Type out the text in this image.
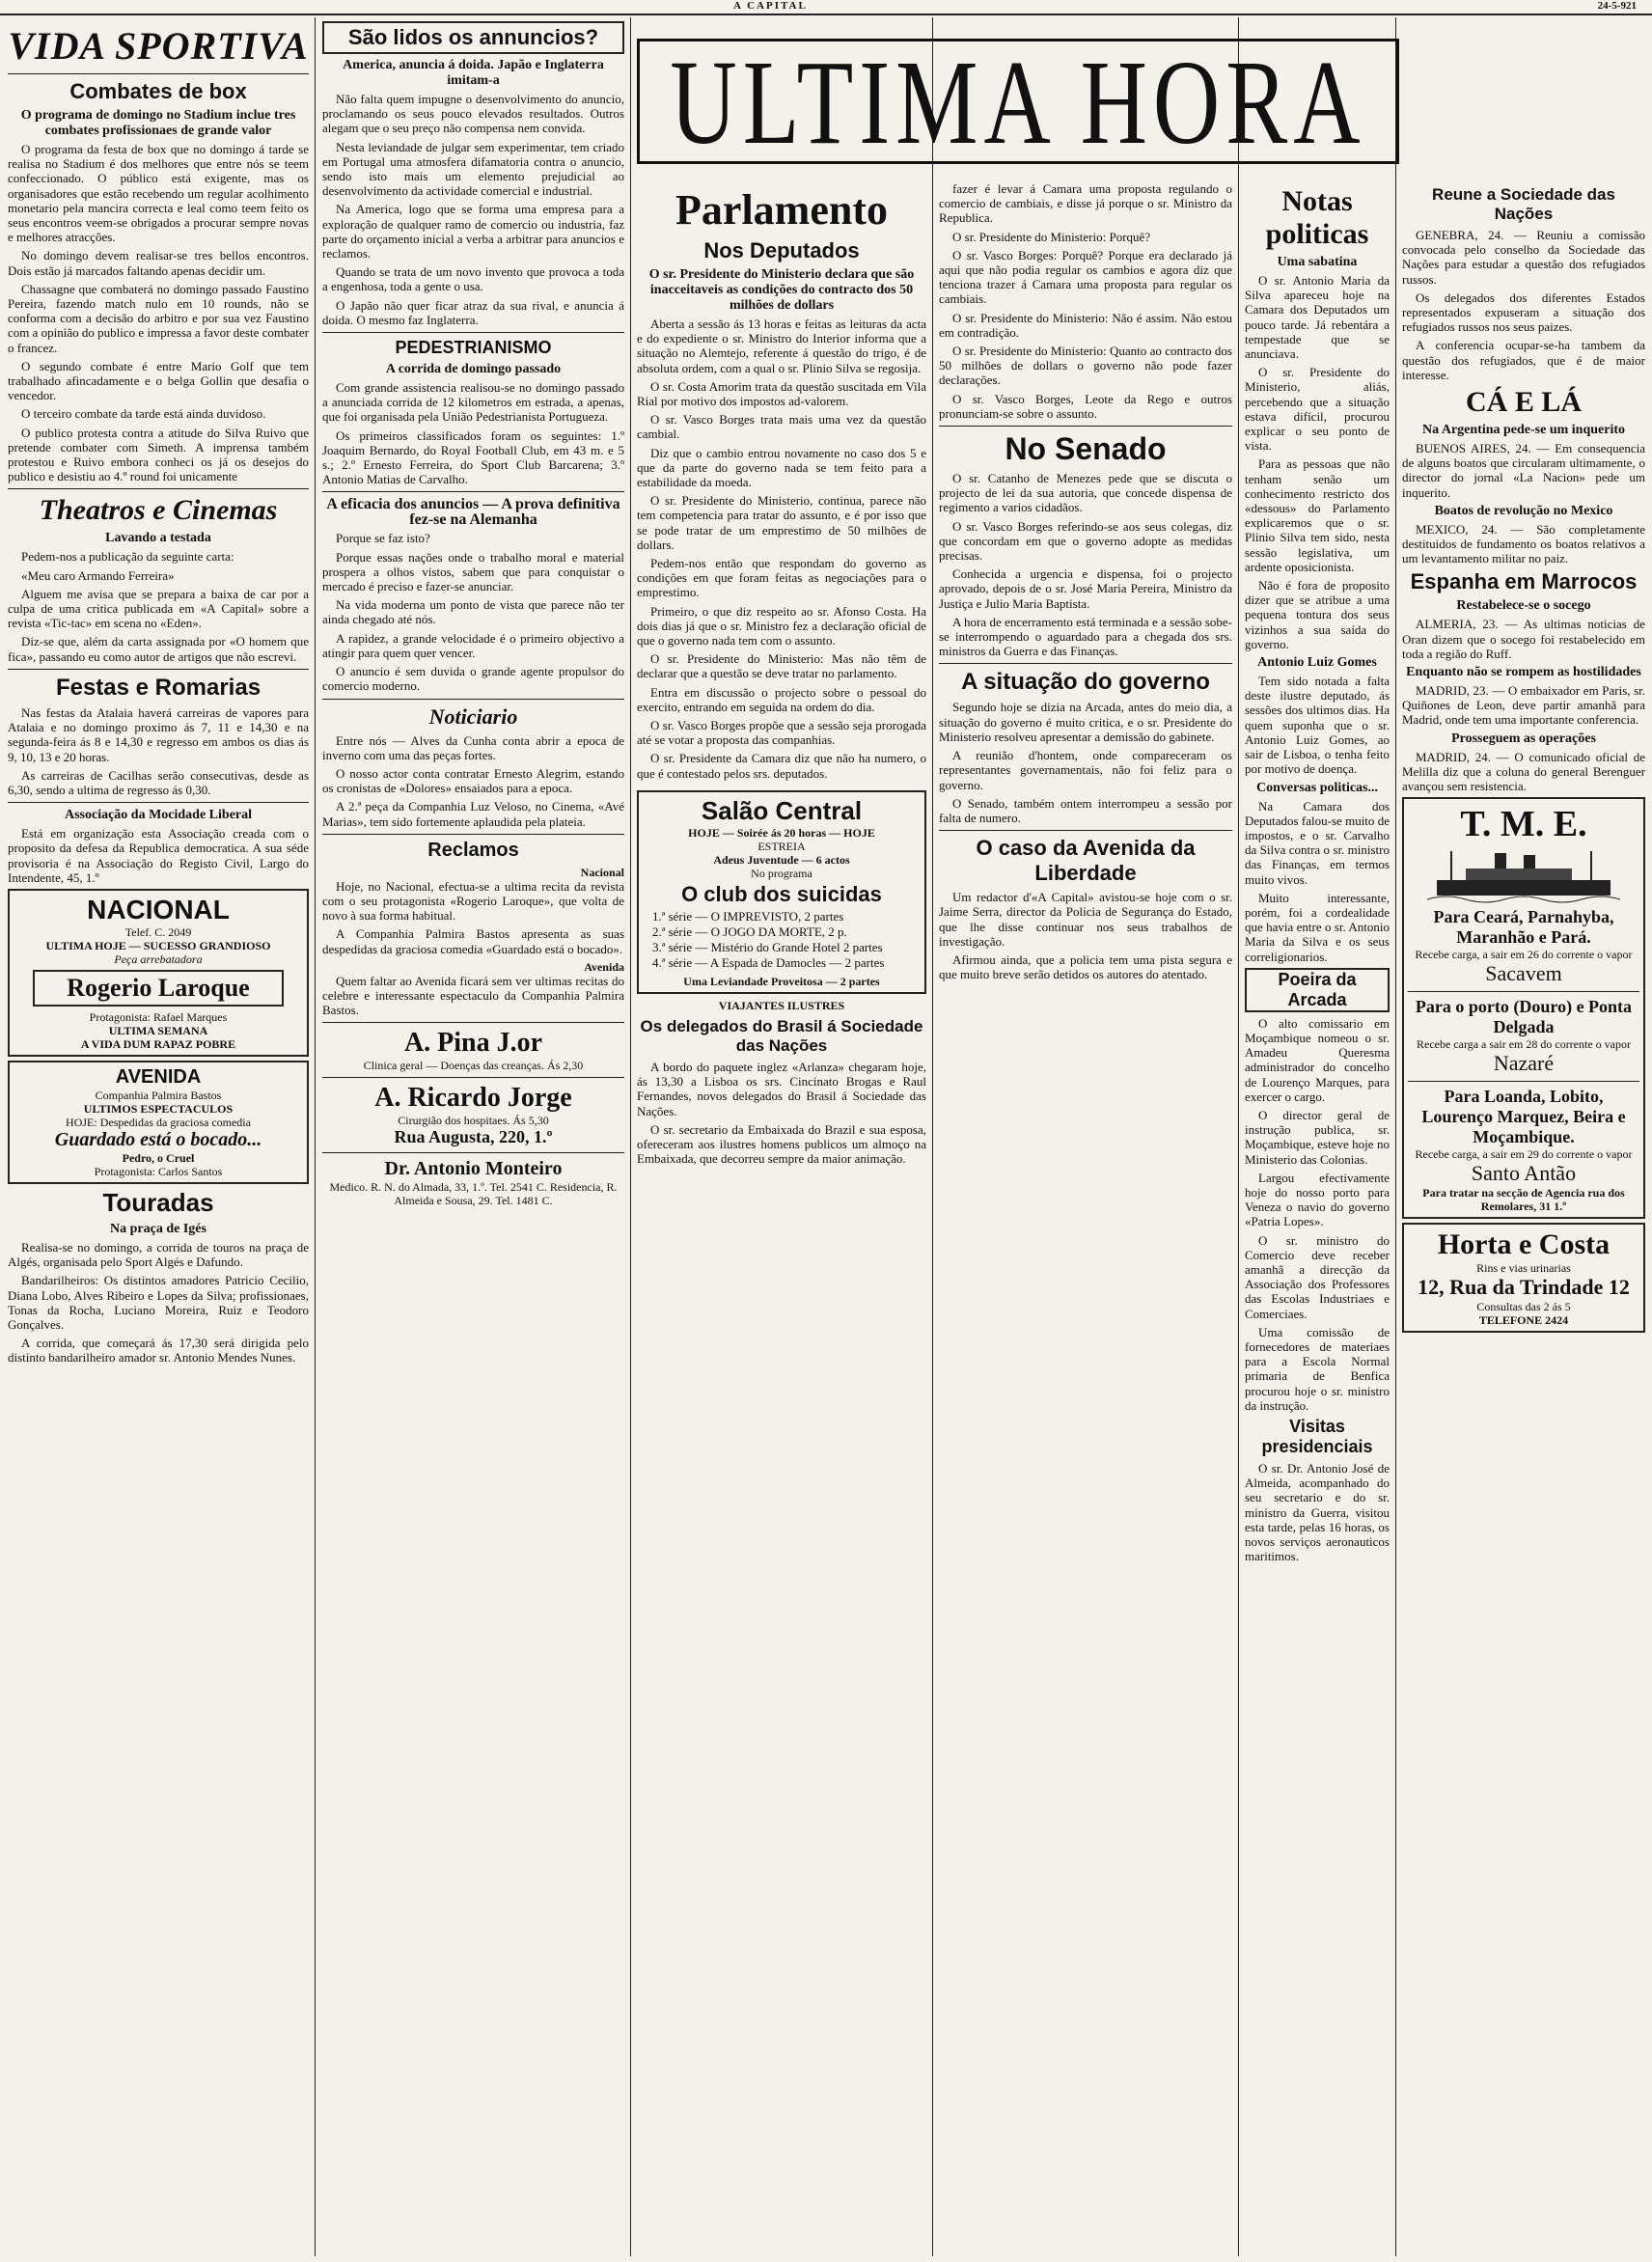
A CAPITAL	24-5-921
VIDA SPORTIVA
Combates de box
O programa de domingo no Stadium inclue tres combates profissionaes de grande valor

O programa da festa de box que no domingo á tarde se realisa no Stadium é dos melhores que entre nós se teem confeccionado. O público está exigente, mas os organisadores que estão recebendo um regular acolhimento monetario pela mancira correcta e leal como teem feito os seus encontros veem-se obrigados a procurar sempre novas e melhores atracções.

No domingo devem realisar-se tres bellos encontros. Dois estão já marcados faltando apenas decidir um.

Chassagne que combaterá no domingo passado Faustino Pereira, fazendo match nulo em 10 rounds, não se conforma com a decisão do arbitro e por sua vez Faustino com a opinião do publico e impressa a favor deste combater o francez.

O segundo combate é entre Mario Golf que tem trabalhado afincadamente e o belga Gollin que desafia o vencedor.

O terceiro combate da tarde está ainda duvidoso.

O publico protesta contra a atitude do Silva Ruivo que pretende combater com Simeth. A imprensa também protestou e Ruivo embora conheci os já os desejos do publico e desistiu ao 4.º round foi unicamente

Theatros e Cinemas
Lavando a testada

Pedem-nos a publicação da seguinte carta:

«Meu caro Armando Ferreira»

Alguem me avisa que se prepara a baixa de car por a culpa de uma critica publicada em «A Capital» sobre a revista «Tic-tac» em scena no «Eden».

Diz-se que, além da carta assignada por «O homem que fica», passando eu como autor de artigos que não escrevi.

Festas e Romarias

Nas festas da Atalaia haverá carreiras de vapores para Atalaia e no domingo proximo ás 7, 11 e 14,30 e na segunda-feira ás 8 e 14,30 e regresso em ambos os dias ás 9, 10, 13 e 20 horas.

As carreiras de Cacilhas serão consecutivas, desde as 6,30, sendo a ultima de regresso ás 0,30.

Associação da Mocidade Liberal

Está em organização esta Associação creada com o proposito da defesa da Republica democratica. A sua séde provisoria é na Associação do Registo Civil, Largo do Intendente, 45, 1.º

NACIONAL
Telef. C. 2049
ULTIMA HOJE — SUCESSO GRANDIOSO
Peça arrebatadora
Rogerio Laroque
Protagonista: Rafael Marques
ULTIMA SEMANA
A VIDA DUM RAPAZ POBRE
AVENIDA
Companhia Palmira Bastos
ULTIMOS ESPECTACULOS
HOJE: Despedidas da graciosa comedia
Guardado está o bocado...
Pedro, o Cruel
Protagonista: Carlos Santos
Touradas
Na praça de Igés

Realisa-se no domingo, a corrida de touros na praça de Algés, organisada pelo Sport Algés e Dafundo.

Bandarilheiros: Os distintos amadores Patricio Cecilio, Diana Lobo, Alves Ribeiro e Lopes da Silva; profissionaes, Tonas da Rocha, Luciano Moreira, Ruiz e Teodoro Gonçalves.

A corrida, que começará ás 17,30 será dirigida pelo distinto bandarilheiro amador sr. Antonio Mendes Nunes.

São lidos os annuncios?
America, anuncia á doida. Japão e Inglaterra imitam-a

Não falta quem impugne o desenvolvimento do anuncio, proclamando os seus pouco elevados resultados. Outros alegam que o seu preço não compensa nem convida.

Nesta leviandade de julgar sem experimentar, tem criado em Portugal uma atmosfera difamatoria contra o anuncio, sendo isto mais um elemento prejudicial ao desenvolvimento da actividade comercial e industrial.

Na America, logo que se forma uma empresa para a exploração de qualquer ramo de comercio ou industria, faz parte do orçamento inicial a verba a arbitrar para anuncios e reclamos.

Quando se trata de um novo invento que provoca a toda a engenhosa, toda a gente o usa.

O Japão não quer ficar atraz da sua rival, e anuncia á doida. O mesmo faz Inglaterra.

PEDESTRIANISMO
A corrida de domingo passado

Com grande assistencia realisou-se no domingo passado a anunciada corrida de 12 kilometros em estrada, a apenas, que foi organisada pela União Pedestrianista Portugueza.

Os primeiros classificados foram os seguintes: 1.º Joaquim Bernardo, do Royal Football Club, em 43 m. e 5 s.; 2.º Ernesto Ferreira, do Sport Club Barcarena; 3.º Antonio Matias de Carvalho.

A eficacia dos anuncios — A prova definitiva fez-se na Alemanha

Porque se faz isto?

Porque essas nações onde o trabalho moral e material prospera a olhos vistos, sabem que para conquistar o mercado é preciso e fazer-se anunciar.

Na vida moderna um ponto de vista que parece não ter ainda chegado até nós.

A rapidez, a grande velocidade é o primeiro objectivo a atingir para quem quer vencer.

O anuncio é sem duvida o grande agente propulsor do comercio moderno.

Noticiario

Entre nós — Alves da Cunha conta abrir a epoca de inverno com uma das peças fortes.

O nosso actor conta contratar Ernesto Alegrim, estando os cronistas de «Dolores» ensaiados para a epoca.

A 2.ª peça da Companhia Luz Veloso, no Cinema, «Avé Marias», tem sido fortemente aplaudida pela plateia.

Reclamos
Nacional

Hoje, no Nacional, efectua-se a ultima recita da revista com o seu protagonista «Rogerio Laroque», que volta de novo à sua forma habitual.

A Companhia Palmira Bastos apresenta as suas despedidas da graciosa comedia «Guardado está o bocado».

Avenida

Quem faltar ao Avenida ficará sem ver ultimas recitas do celebre e interessante espectaculo da Companhia Palmira Bastos.

A. Pina J.or
Clinica geral — Doenças das creanças. Ás 2,30
A. Ricardo Jorge
Cirurgião dos hospitaes. Ás 5,30
Rua Augusta, 220, 1.º
Dr. Antonio Monteiro
Medico. R. N. do Almada, 33, 1.º. Tel. 2541 C. Residencia, R. Almeida e Sousa, 29. Tel. 1481 C.
ULTIMA HORA
Parlamento
Nos Deputados
O sr. Presidente do Ministerio declara que são inacceitaveis as condições do contracto dos 50 milhões de dollars

Aberta a sessão ás 13 horas e feitas as leituras da acta e do expediente o sr. Ministro do Interior informa que a situação no Alemtejo, referente á questão do trigo, é de absoluta ordem, com a qual o sr. Plinio Silva se regosija.

O sr. Costa Amorim trata da questão suscitada em Vila Rial por motivo dos impostos ad-valorem.

O sr. Vasco Borges trata mais uma vez da questão cambial.

Diz que o cambio entrou novamente no caso dos 5 e que da parte do governo nada se tem feito para a estabilidade da moeda.

O sr. Presidente do Ministerio, continua, parece não tem competencia para tratar do assunto, e é por isso que se pode tratar de um emprestimo de 50 milhões de dollars.

Pedem-nos então que respondam do governo as condições em que foram feitas as negociações para o emprestimo.

Primeiro, o que diz respeito ao sr. Afonso Costa. Ha dois dias já que o sr. Ministro fez a declaração oficial de que o governo nada tem com o assunto.

O sr. Presidente do Ministerio: Mas não têm de declarar que a questão se deve tratar no parlamento.

Entra em discussão o projecto sobre o pessoal do exercito, entrando em seguida na ordem do dia.

O sr. Vasco Borges propõe que a sessão seja prorogada até se votar a proposta das companhias.

O sr. Presidente da Camara diz que não ha numero, o que é contestado pelos srs. deputados.

Salão Central
HOJE — Soirée ás 20 horas — HOJE
ESTREIA
Adeus Juventude — 6 actos
No programa
O club dos suicidas
1.ª série — O IMPREVISTO, 2 partes
2.ª série — O JOGO DA MORTE, 2 p.
3.ª série — Mistério do Grande Hotel 2 partes
4.ª série — A Espada de Damocles — 2 partes
Uma Leviandade Proveitosa — 2 partes
VIAJANTES ILUSTRES
Os delegados do Brasil á Sociedade das Nações

A bordo do paquete inglez «Arlanza» chegaram hoje, ás 13,30 a Lisboa os srs. Cincinato Brogas e Raul Fernandes, novos delegados do Brasil á Sociedade das Nações.

O sr. secretario da Embaixada do Brazil e sua esposa, ofereceram aos ilustres homens publicos um almoço na Embaixada, que decorreu sempre da maior animação.

fazer é levar á Camara uma proposta regulando o comercio de cambiais, e disse já porque o sr. Ministro da Republica.

O sr. Presidente do Ministerio: Porquê?

O sr. Vasco Borges: Porquê? Porque era declarado já aqui que não podia regular os cambios e agora diz que tenciona trazer á Camara uma proposta para regular os cambiais.

O sr. Presidente do Ministerio: Não é assim. Não estou em contradição.

O sr. Presidente do Ministerio: Quanto ao contracto dos 50 milhões de dollars o governo não pode fazer declarações.

O sr. Vasco Borges, Leote da Rego e outros pronunciam-se sobre o assunto.

No Senado

O sr. Catanho de Menezes pede que se discuta o projecto de lei da sua autoria, que concede dispensa de regimento a varios cidadãos.

O sr. Vasco Borges referindo-se aos seus colegas, diz que concordam em que o governo adopte as medidas precisas.

Conhecida a urgencia e dispensa, foi o projecto aprovado, depois de o sr. José Maria Pereira, Ministro da Justiça e Julio Maria Baptista.

A hora de encerramento está terminada e a sessão sobe-se interrompendo o aguardado para a chegada dos srs. ministros da Guerra e das Finanças.

A situação do governo

Segundo hoje se dizia na Arcada, antes do meio dia, a situação do governo é muito critica, e o sr. Presidente do Ministerio resolveu apresentar a demissão do gabinete.

A reunião d'hontem, onde compareceram os representantes governamentais, não foi feliz para o governo.

O Senado, também ontem interrompeu a sessão por falta de numero.

O caso da Avenida da Liberdade

Um redactor d'«A Capital» avistou-se hoje com o sr. Jaime Serra, director da Policia de Segurança do Estado, que lhe disse continuar nos seus trabalhos de investigação.

Afirmou ainda, que a policia tem uma pista segura e que muito breve serão detidos os autores do atentado.

Notas politicas
Uma sabatina

O sr. Antonio Maria da Silva apareceu hoje na Camara dos Deputados um pouco tarde. Já rebentára a tempestade que se anunciava.

O sr. Presidente do Ministerio, aliás, percebendo que a situação estava difícil, procurou explicar o seu ponto de vista.

Para as pessoas que não tenham senão um conhecimento restricto dos «dessous» do Parlamento explicaremos que o sr. Plinio Silva tem sido, nesta sessão legislativa, um ardente oposicionista.

Não é fora de proposito dizer que se atribue a uma pequena tontura dos seus vizinhos a sua saída do governo.

Antonio Luiz Gomes

Tem sido notada a falta deste ilustre deputado, ás sessões dos ultimos dias. Ha quem suponha que o sr. Antonio Luiz Gomes, ao sair de Lisboa, o tenha feito por motivo de doença.

Conversas politicas...

Na Camara dos Deputados falou-se muito de impostos, e o sr. Carvalho da Silva contra o sr. ministro das Finanças, em termos muito vivos.

Muito interessante, porém, foi a cordealidade que havia entre o sr. Antonio Maria da Silva e os seus correligionarios.

Poeira da Arcada

O alto comissario em Moçambique nomeou o sr. Amadeu Queresma administrador do concelho de Lourenço Marques, para exercer o cargo.

O director geral de instrução publica, sr. Moçambique, esteve hoje no Ministerio das Colonias.

Largou efectivamente hoje do nosso porto para Veneza o navio do governo «Patria Lopes».

O sr. ministro do Comercio deve receber amanhã a direcção da Associação dos Professores das Escolas Industriaes e Comerciaes.

Uma comissão de fornecedores de materiaes para a Escola Normal primaria de Benfica procurou hoje o sr. ministro da instrução.

Visitas presidenciais

O sr. Dr. Antonio José de Almeida, acompanhado do seu secretario e do sr. ministro da Guerra, visitou esta tarde, pelas 16 horas, os novos serviços aeronauticos maritimos.

Reune a Sociedade das Nações

GENEBRA, 24. — Reuniu a comissão convocada pelo conselho da Sociedade das Nações para estudar a questão dos refugiados russos.

Os delegados dos diferentes Estados representados expuseram a situação dos refugiados russos nos seus paizes.

A conferencia ocupar-se-ha tambem da questão dos refugiados, que é de maior interesse.

CÁ E LÁ
Na Argentina pede-se um inquerito

BUENOS AIRES, 24. — Em consequencia de alguns boatos que circularam ultimamente, o director do jornal «La Nacion» pede um inquerito.

Boatos de revolução no Mexico

MEXICO, 24. — São completamente destituidos de fundamento os boatos relativos a um levantamento militar no paiz.

Espanha em Marrocos
Restabelece-se o socego

ALMERIA, 23. — As ultimas noticias de Oran dizem que o socego foi restabelecido em toda a região do Ruff.

Enquanto não se rompem as hostilidades

MADRID, 23. — O embaixador em Paris, sr. Quiñones de Leon, deve partir amanhã para Madrid, onde tem uma importante conferencia.

Prosseguem as operações

MADRID, 24. — O comunicado oficial de Melilla diz que a coluna do general Berenguer avançou sem resistencia.

T. M. E.
Para Ceará, Parnahyba, Maranhão e Pará.
Recebe carga, a sair em 26 do corrente o vapor
Sacavem
Para o porto (Douro) e Ponta Delgada
Recebe carga a sair em 28 do corrente o vapor
Nazaré
Para Loanda, Lobito, Lourenço Marquez, Beira e Moçambique.
Recebe carga, a sair em 29 do corrente o vapor
Santo Antão
Para tratar na secção de Agencia rua dos Remolares, 31 1.º
Horta e Costa
Rins e vias urinarias
12, Rua da Trindade 12
Consultas das 2 ás 5
TELEFONE 2424
